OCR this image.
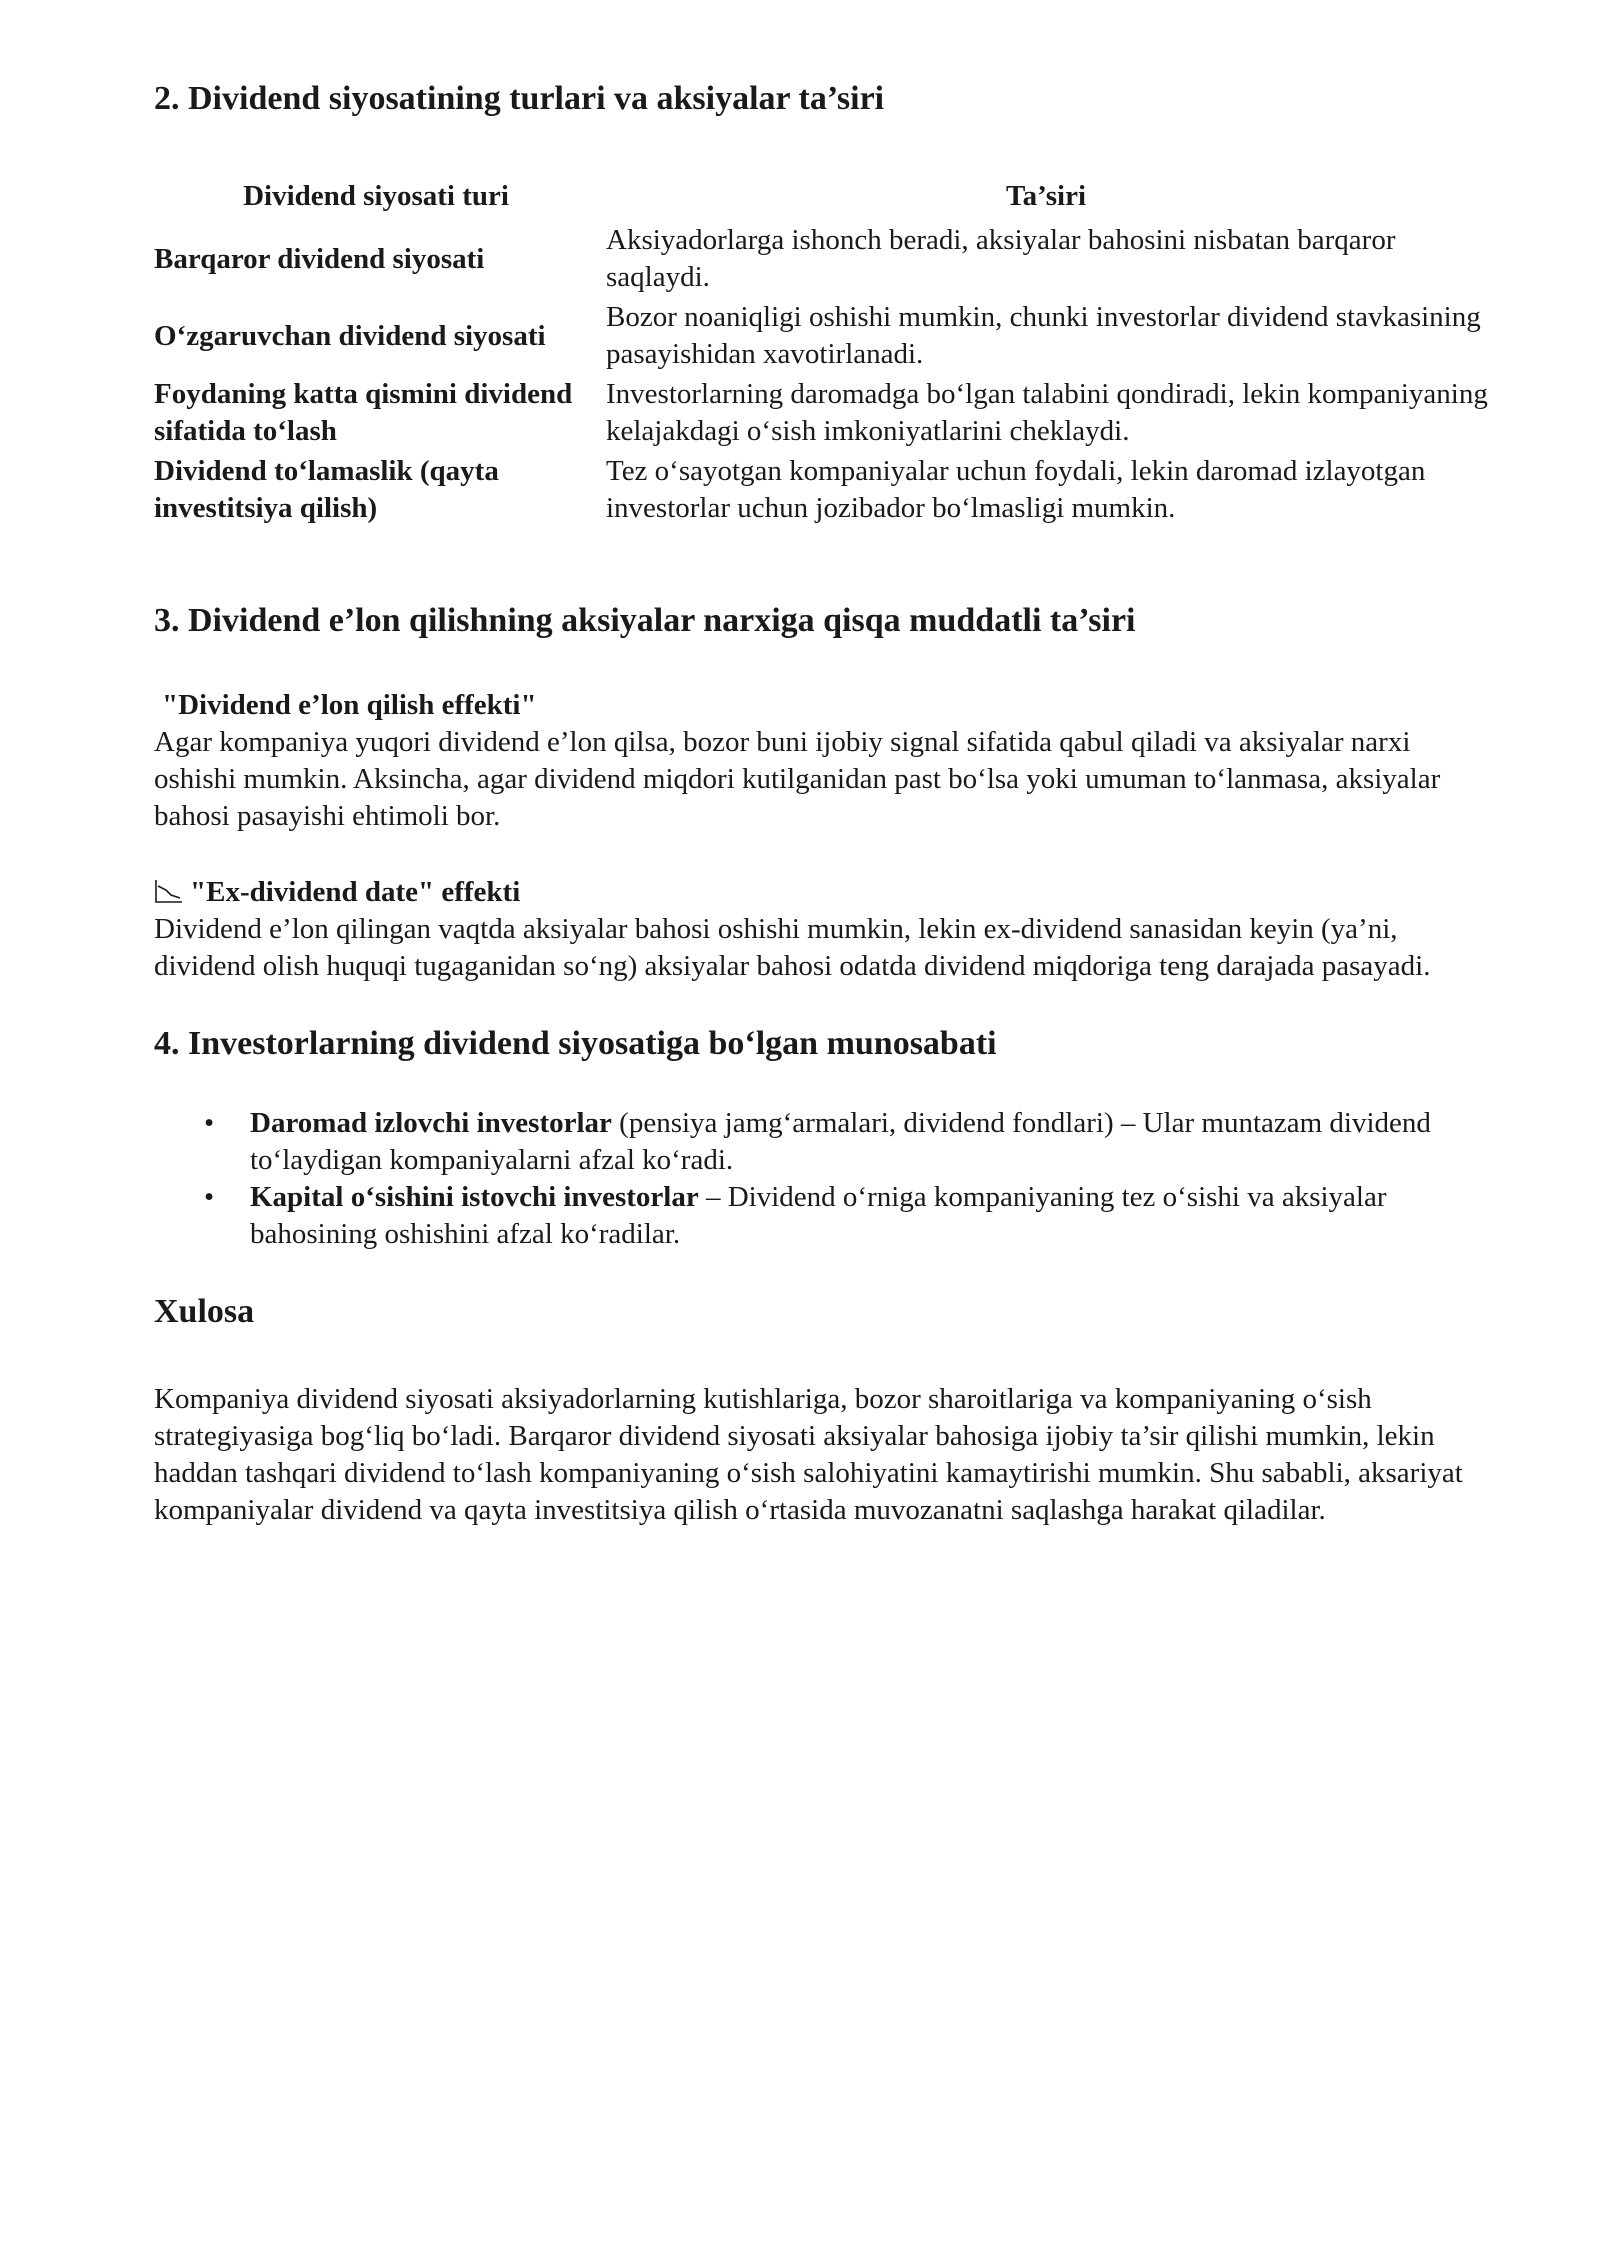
2. Dividend siyosatining turlari va aksiyalar ta’siri
Dividend siyosati turi	Ta’siri
Barqaror dividend siyosati	Aksiyadorlarga ishonch beradi, aksiyalar bahosini nisbatan barqaror saqlaydi.
O‘zgaruvchan dividend siyosati	Bozor noaniqligi oshishi mumkin, chunki investorlar dividend stavkasining pasayishidan xavotirlanadi.
Foydaning katta qismini dividend sifatida to‘lash	Investorlarning daromadga bo‘lgan talabini qondiradi, lekin kompaniyaning kelajakdagi o‘sish imkoniyatlarini cheklaydi.
Dividend to‘lamaslik (qayta investitsiya qilish)	Tez o‘sayotgan kompaniyalar uchun foydali, lekin daromad izlayotgan investorlar uchun jozibador bo‘lmasligi mumkin.
3. Dividend e’lon qilishning aksiyalar narxiga qisqa muddatli ta’siri

"Dividend e’lon qilish effekti"

Agar kompaniya yuqori dividend e’lon qilsa, bozor buni ijobiy signal sifatida qabul qiladi va aksiyalar narxi oshishi mumkin. Aksincha, agar dividend miqdori kutilganidan past bo‘lsa yoki umuman to‘lanmasa, aksiyalar bahosi pasayishi ehtimoli bor.

"Ex-dividend date" effekti

Dividend e’lon qilingan vaqtda aksiyalar bahosi oshishi mumkin, lekin ex-dividend sanasidan keyin (ya’ni, dividend olish huquqi tugaganidan so‘ng) aksiyalar bahosi odatda dividend miqdoriga teng darajada pasayadi.

4. Investorlarning dividend siyosatiga bo‘lgan munosabati
• Daromad izlovchi investorlar (pensiya jamg‘armalari, dividend fondlari) – Ular muntazam dividend to‘laydigan kompaniyalarni afzal ko‘radi.
• Kapital o‘sishini istovchi investorlar – Dividend o‘rniga kompaniyaning tez o‘sishi va aksiyalar bahosining oshishini afzal ko‘radilar.
Xulosa

Kompaniya dividend siyosati aksiyadorlarning kutishlariga, bozor sharoitlariga va kompaniyaning o‘sish strategiyasiga bog‘liq bo‘ladi. Barqaror dividend siyosati aksiyalar bahosiga ijobiy ta’sir qilishi mumkin, lekin haddan tashqari dividend to‘lash kompaniyaning o‘sish salohiyatini kamaytirishi mumkin. Shu sababli, aksariyat kompaniyalar dividend va qayta investitsiya qilish o‘rtasida muvozanatni saqlashga harakat qiladilar.
